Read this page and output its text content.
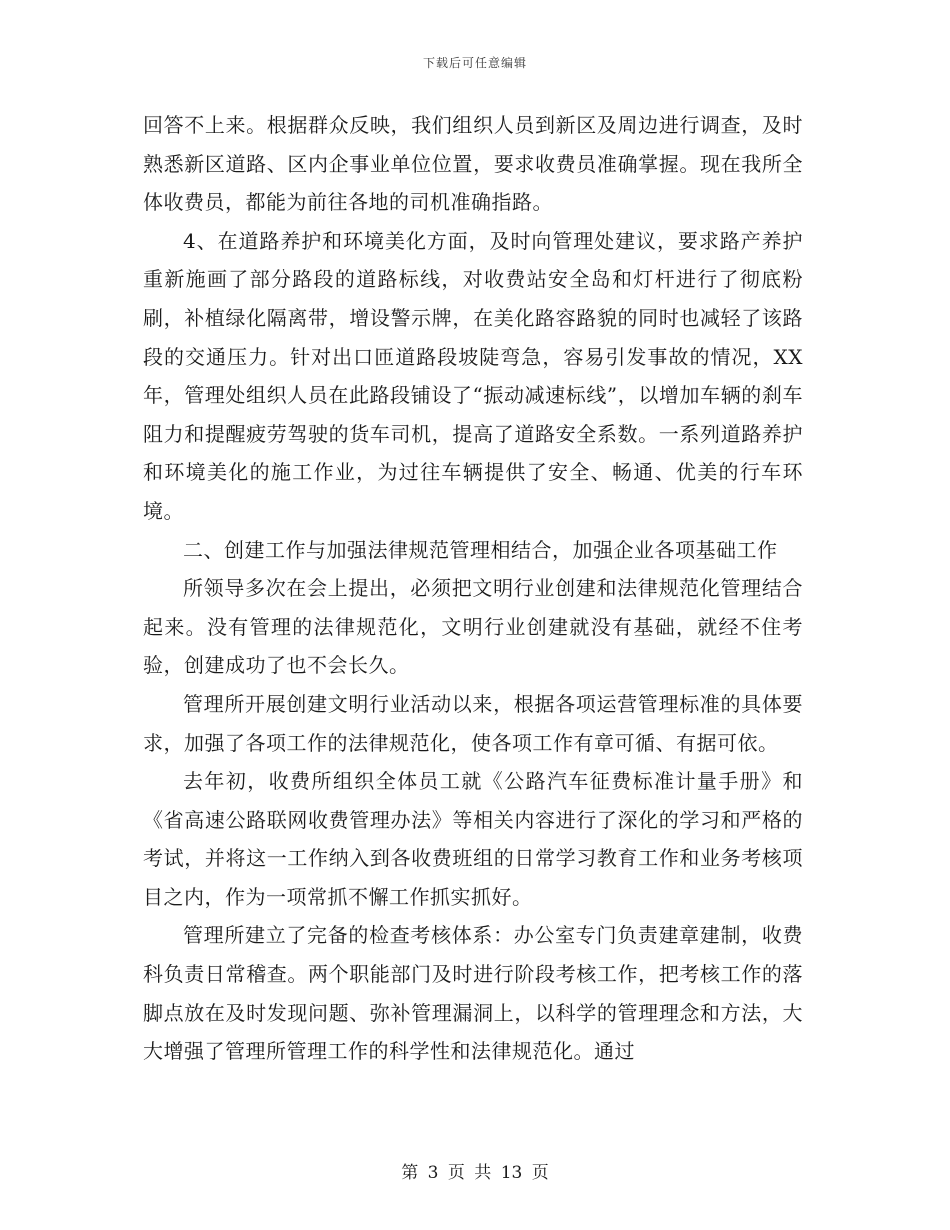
下载后可任意编辑

回答不上来。根据群众反映，我们组织人员到新区及周边进行调查，及时熟悉新区道路、区内企事业单位位置，要求收费员准确掌握。现在我所全体收费员，都能为前往各地的司机准确指路。

4、在道路养护和环境美化方面，及时向管理处建议，要求路产养护重新施画了部分路段的道路标线，对收费站安全岛和灯杆进行了彻底粉刷，补植绿化隔离带，增设警示牌，在美化路容路貌的同时也减轻了该路段的交通压力。针对出口匝道路段坡陡弯急，容易引发事故的情况，XX年，管理处组织人员在此路段铺设了“振动减速标线”，以增加车辆的刹车阻力和提醒疲劳驾驶的货车司机，提高了道路安全系数。一系列道路养护和环境美化的施工作业，为过往车辆提供了安全、畅通、优美的行车环境。

二、创建工作与加强法律规范管理相结合，加强企业各项基础工作

所领导多次在会上提出，必须把文明行业创建和法律规范化管理结合起来。没有管理的法律规范化，文明行业创建就没有基础，就经不住考验，创建成功了也不会长久。

管理所开展创建文明行业活动以来，根据各项运营管理标准的具体要求，加强了各项工作的法律规范化，使各项工作有章可循、有据可依。

去年初，收费所组织全体员工就《公路汽车征费标准计量手册》和《省高速公路联网收费管理办法》等相关内容进行了深化的学习和严格的考试，并将这一工作纳入到各收费班组的日常学习教育工作和业务考核项目之内，作为一项常抓不懈工作抓实抓好。

管理所建立了完备的检查考核体系：办公室专门负责建章建制，收费科负责日常稽查。两个职能部门及时进行阶段考核工作，把考核工作的落脚点放在及时发现问题、弥补管理漏洞上，以科学的管理理念和方法，大大增强了管理所管理工作的科学性和法律规范化。通过

第 3 页 共 13 页
